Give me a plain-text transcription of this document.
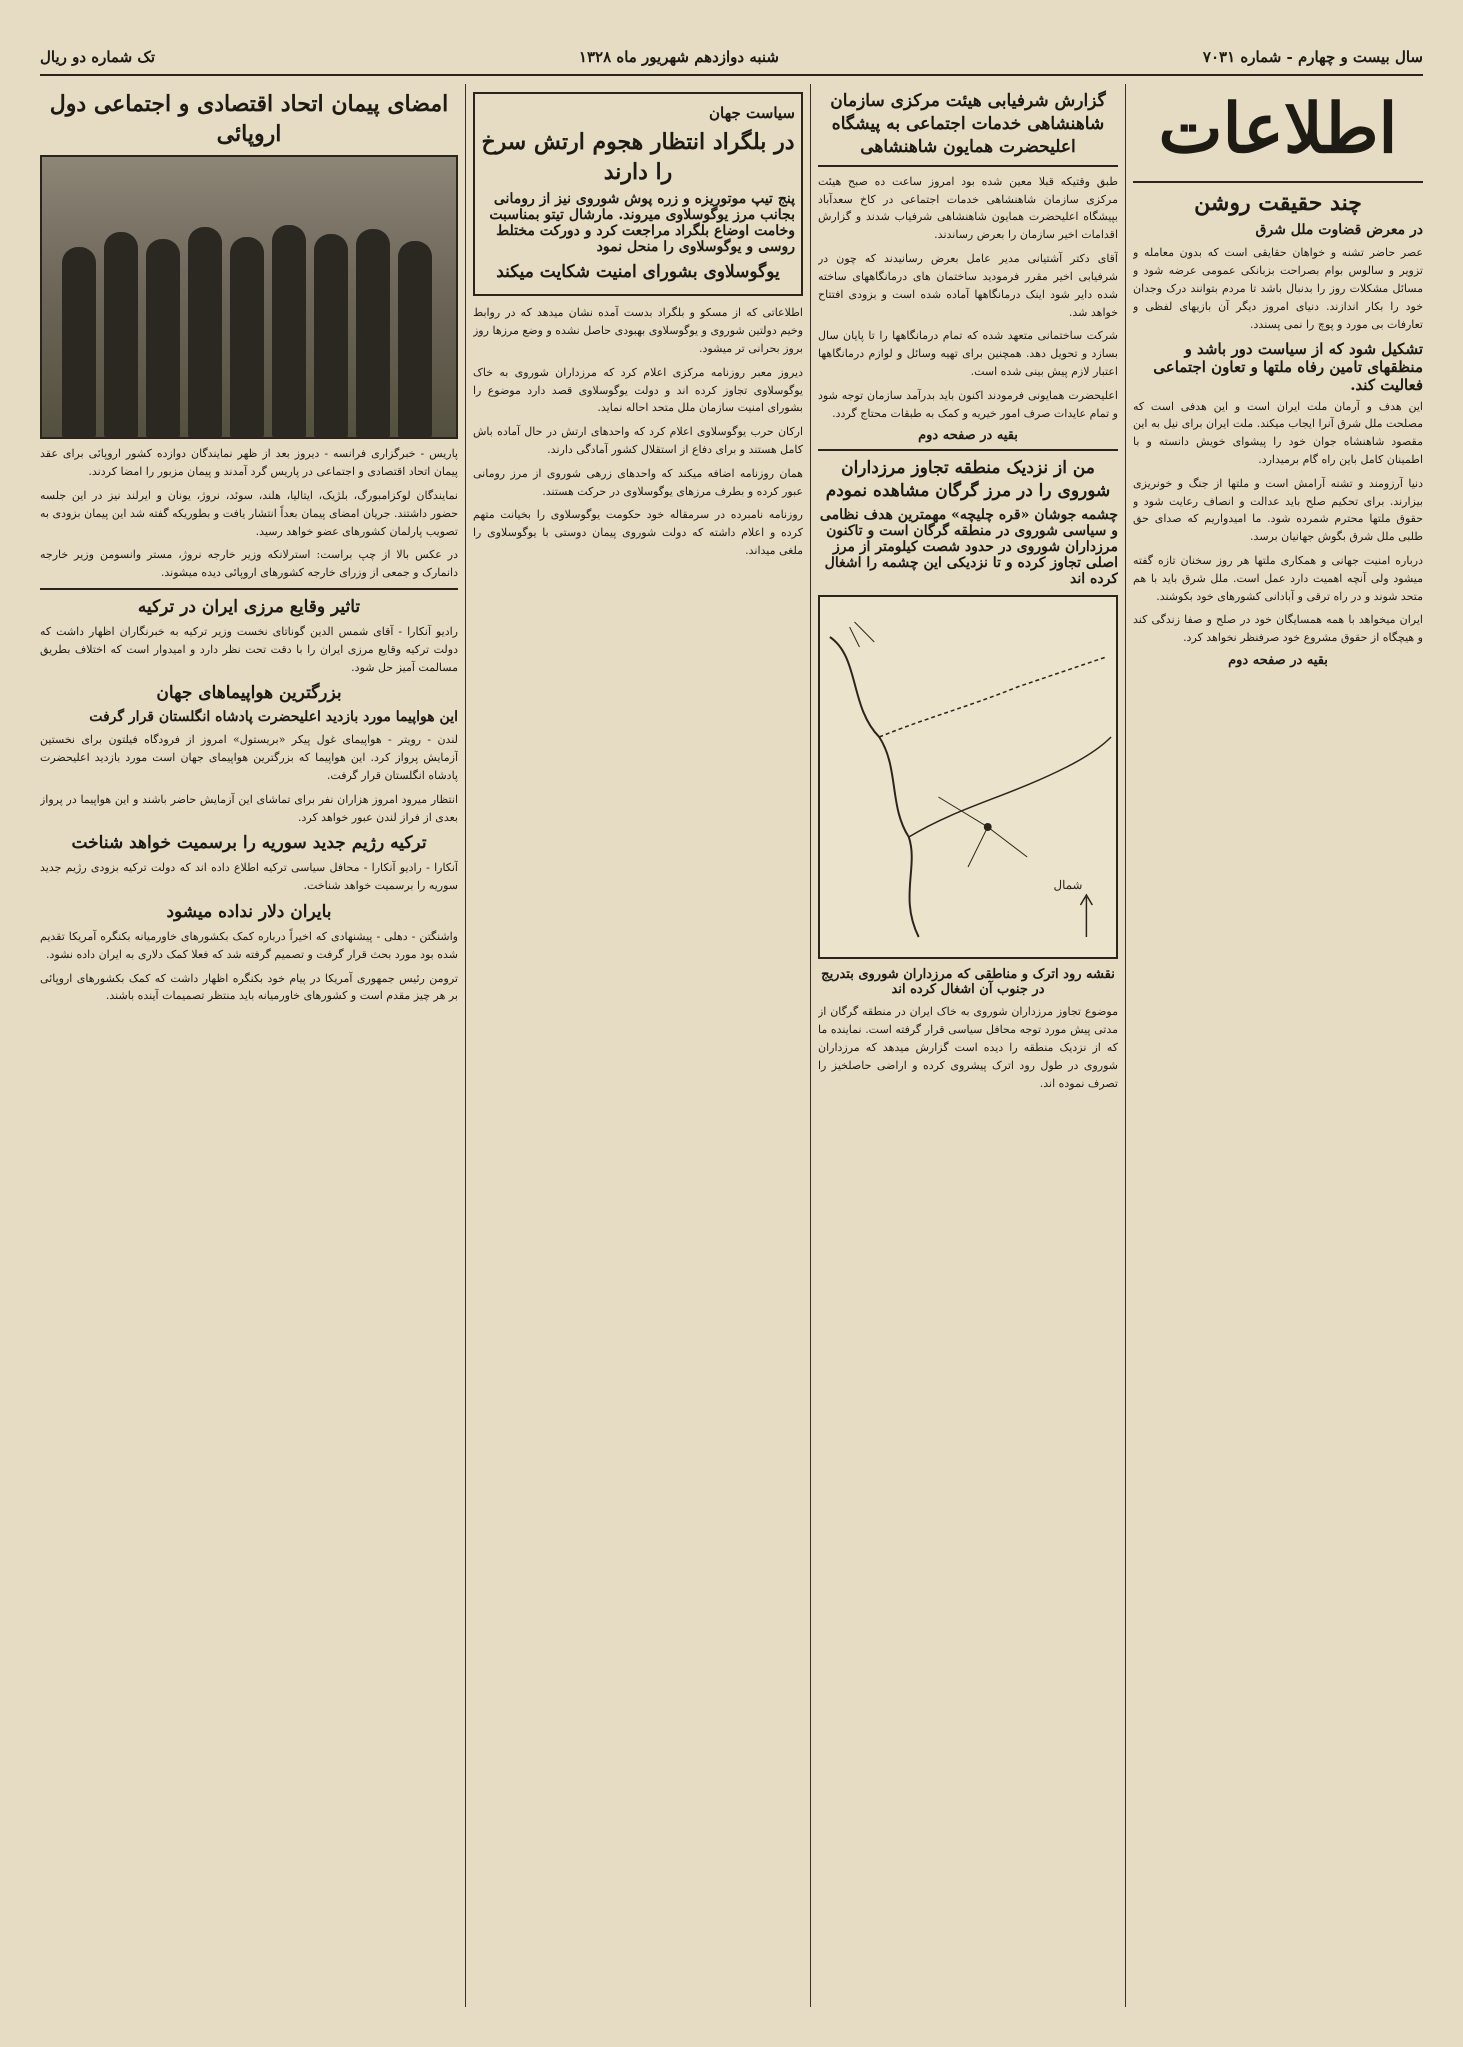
سال بیست و چهارم - شماره ۷۰۳۱
شنبه دوازدهم شهریور ماه ۱۳۲۸
تک شماره دو ریال
اطلاعات
چند حقیقت روشن
در معرض قضاوت ملل شرق

عصر حاضر تشنه و خواهان حقایقی است که بدون معامله و تزویر و سالوس بوام بصراحت بزبانکی عمومی عرضه شود و مسائل مشکلات روز را بدنبال باشد تا مردم بتوانند درک وجدان خود را بکار اندازند. دنیای امروز دیگر آن بازیهای لفظی و تعارفات بی مورد و پوچ را نمی پسندد.

تشکیل شود که از سیاست دور باشد و منظقهای تامین رفاه ملتها و تعاون اجتماعی فعالیت کند.

این هدف و آرمان ملت ایران است و این هدفی است که مصلحت ملل شرق آنرا ایجاب میکند. ملت ایران برای نیل به این مقصود شاهنشاه جوان خود را پیشوای خویش دانسته و با اطمینان کامل باین راه گام برمیدارد.

دنیا آرزومند و تشنه آرامش است و ملتها از جنگ و خونریزی بیزارند. برای تحکیم صلح باید عدالت و انصاف رعایت شود و حقوق ملتها محترم شمرده شود. ما امیدواریم که صدای حق طلبی ملل شرق بگوش جهانیان برسد.

درباره امنیت جهانی و همکاری ملتها هر روز سخنان تازه گفته میشود ولی آنچه اهمیت دارد عمل است. ملل شرق باید با هم متحد شوند و در راه ترقی و آبادانی کشورهای خود بکوشند.

ایران میخواهد با همه همسایگان خود در صلح و صفا زندگی کند و هیچگاه از حقوق مشروع خود صرفنظر نخواهد کرد.

بقیه در صفحه دوم
گزارش شرفیابی هیئت مرکزی سازمان شاهنشاهی خدمات اجتماعی به پیشگاه اعلیحضرت همایون شاهنشاهی

طبق وقتیکه قبلا معین شده بود امروز ساعت ده صبح هیئت مرکزی سازمان شاهنشاهی خدمات اجتماعی در کاخ سعدآباد بپیشگاه اعلیحضرت همایون شاهنشاهی شرفیاب شدند و گزارش اقدامات اخیر سازمان را بعرض رساندند.

آقای دکتر آشتیانی مدیر عامل بعرض رسانیدند که چون در شرفیابی اخیر مقرر فرمودید ساختمان های درمانگاههای ساخته شده دایر شود اینک درمانگاهها آماده شده است و بزودی افتتاح خواهد شد.

شرکت ساختمانی متعهد شده که تمام درمانگاهها را تا پایان سال بسازد و تحویل دهد. همچنین برای تهیه وسائل و لوازم درمانگاهها اعتبار لازم پیش بینی شده است.

اعلیحضرت همایونی فرمودند اکنون باید بدرآمد سازمان توجه شود و تمام عایدات صرف امور خیریه و کمک به طبقات محتاج گردد.

بقیه در صفحه دوم
من از نزدیک منطقه تجاوز مرزداران شوروی را در مرز گرگان مشاهده نمودم
چشمه جوشان «قره چلیچه» مهمترین هدف نظامی و سیاسی شوروی در منطقه گرگان است و تاکنون مرزداران شوروی در حدود شصت کیلومتر از مرز اصلی تجاوز کرده و تا نزدیکی این چشمه را اشغال کرده اند
شمال
نقشه رود اترک و مناطقی که مرزداران شوروی بتدریج در جنوب آن اشغال کرده اند

موضوع تجاوز مرزداران شوروی به خاک ایران در منطقه گرگان از مدتی پیش مورد توجه محافل سیاسی قرار گرفته است. نماینده ما که از نزدیک منطقه را دیده است گزارش میدهد که مرزداران شوروی در طول رود اترک پیشروی کرده و اراضی حاصلخیز را تصرف نموده اند.

سیاست جهان
در بلگراد انتظار هجوم ارتش سرخ را دارند
پنج تیپ موتوریزه و زره پوش شوروی نیز از رومانی بجانب مرز یوگوسلاوی میروند. مارشال تیتو بمناسبت وخامت اوضاع بلگراد مراجعت کرد و دورکت مختلط روسی و یوگوسلاوی را منحل نمود
یوگوسلاوی بشورای امنیت شکایت میکند

اطلاعاتی که از مسکو و بلگراد بدست آمده نشان میدهد که در روابط وخیم دولتین شوروی و یوگوسلاوی بهبودی حاصل نشده و وضع مرزها روز بروز بحرانی تر میشود.

دیروز معبر روزنامه مرکزی اعلام کرد که مرزداران شوروی به خاک یوگوسلاوی تجاوز کرده اند و دولت یوگوسلاوی قصد دارد موضوع را بشورای امنیت سازمان ملل متحد احاله نماید.

ارکان حرب یوگوسلاوی اعلام کرد که واحدهای ارتش در حال آماده باش کامل هستند و برای دفاع از استقلال کشور آمادگی دارند.

همان روزنامه اضافه میکند که واحدهای زرهی شوروی از مرز رومانی عبور کرده و بطرف مرزهای یوگوسلاوی در حرکت هستند.

روزنامه نامبرده در سرمقاله خود حکومت یوگوسلاوی را بخیانت متهم کرده و اعلام داشته که دولت شوروی پیمان دوستی با یوگوسلاوی را ملغی میداند.

امضای پیمان اتحاد اقتصادی و اجتماعی دول اروپائی

پاریس - خبرگزاری فرانسه - دیروز بعد از ظهر نمایندگان دوازده کشور اروپائی برای عقد پیمان اتحاد اقتصادی و اجتماعی در پاریس گرد آمدند و پیمان مزبور را امضا کردند.

نمایندگان لوکزامبورگ، بلژیک، ایتالیا، هلند، سوئد، نروژ، یونان و ایرلند نیز در این جلسه حضور داشتند. جریان امضای پیمان بعداً انتشار یافت و بطوریکه گفته شد این پیمان بزودی به تصویب پارلمان کشورهای عضو خواهد رسید.

در عکس بالا از چپ براست: استرلانکه وزیر خارجه نروژ، مستر وانسومن وزیر خارجه دانمارک و جمعی از وزرای خارجه کشورهای اروپائی دیده میشوند.

تاثیر وقایع مرزی ایران در ترکیه

رادیو آنکارا - آقای شمس الدین گوناتای نخست وزیر ترکیه به خبرنگاران اظهار داشت که دولت ترکیه وقایع مرزی ایران را با دقت تحت نظر دارد و امیدوار است که اختلاف بطریق مسالمت آمیز حل شود.

بزرگترین هواپیماهای جهان
این هواپیما مورد بازدید اعلیحضرت پادشاه انگلستان قرار گرفت

لندن - رویتر - هواپیمای غول پیکر «بریستول» امروز از فرودگاه فیلتون برای نخستین آزمایش پرواز کرد. این هواپیما که بزرگترین هواپیمای جهان است مورد بازدید اعلیحضرت پادشاه انگلستان قرار گرفت.

انتظار میرود امروز هزاران نفر برای تماشای این آزمایش حاضر باشند و این هواپیما در پرواز بعدی از فراز لندن عبور خواهد کرد.

ترکیه رژیم جدید سوریه را برسمیت خواهد شناخت

آنکارا - رادیو آنکارا - محافل سیاسی ترکیه اطلاع داده اند که دولت ترکیه بزودی رژیم جدید سوریه را برسمیت خواهد شناخت.

بایران دلار نداده میشود

واشنگتن - دهلی - پیشنهادی که اخیراً درباره کمک بکشورهای خاورمیانه بکنگره آمریکا تقدیم شده بود مورد بحث قرار گرفت و تصمیم گرفته شد که فعلا کمک دلاری به ایران داده نشود.

ترومن رئیس جمهوری آمریکا در پیام خود بکنگره اظهار داشت که کمک بکشورهای اروپائی بر هر چیز مقدم است و کشورهای خاورمیانه باید منتظر تصمیمات آینده باشند.
